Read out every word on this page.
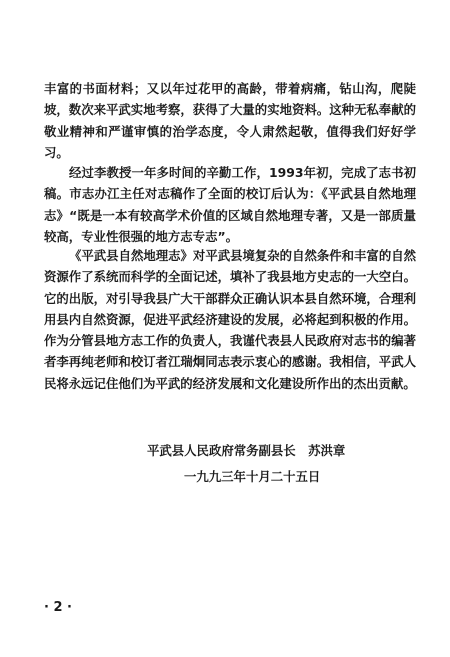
丰富的书面材料；又以年过花甲的高龄，带着病痛，钻山沟，爬陡坡，数次来平武实地考察，获得了大量的实地资料。这种无私奉献的敬业精神和严谨审慎的治学态度，令人肃然起敬，值得我们好好学习。

经过李教授一年多时间的辛勤工作，1993年初，完成了志书初稿。市志办江主任对志稿作了全面的校订后认为：《平武县自然地理志》“既是一本有较高学术价值的区域自然地理专著，又是一部质量较高，专业性很强的地方志专志”。

《平武县自然地理志》对平武县境复杂的自然条件和丰富的自然资源作了系统而科学的全面记述，填补了我县地方史志的一大空白。它的出版，对引导我县广大干部群众正确认识本县自然环境，合理利用县内自然资源，促进平武经济建设的发展，必将起到积极的作用。作为分管县地方志工作的负责人，我谨代表县人民政府对志书的编著者李再纯老师和校订者江瑞炯同志表示衷心的感谢。我相信，平武人民将永远记住他们为平武的经济发展和文化建设所作出的杰出贡献。

平武县人民政府常务副县长　苏洪章
一九九三年十月二十五日
· 2 ·
